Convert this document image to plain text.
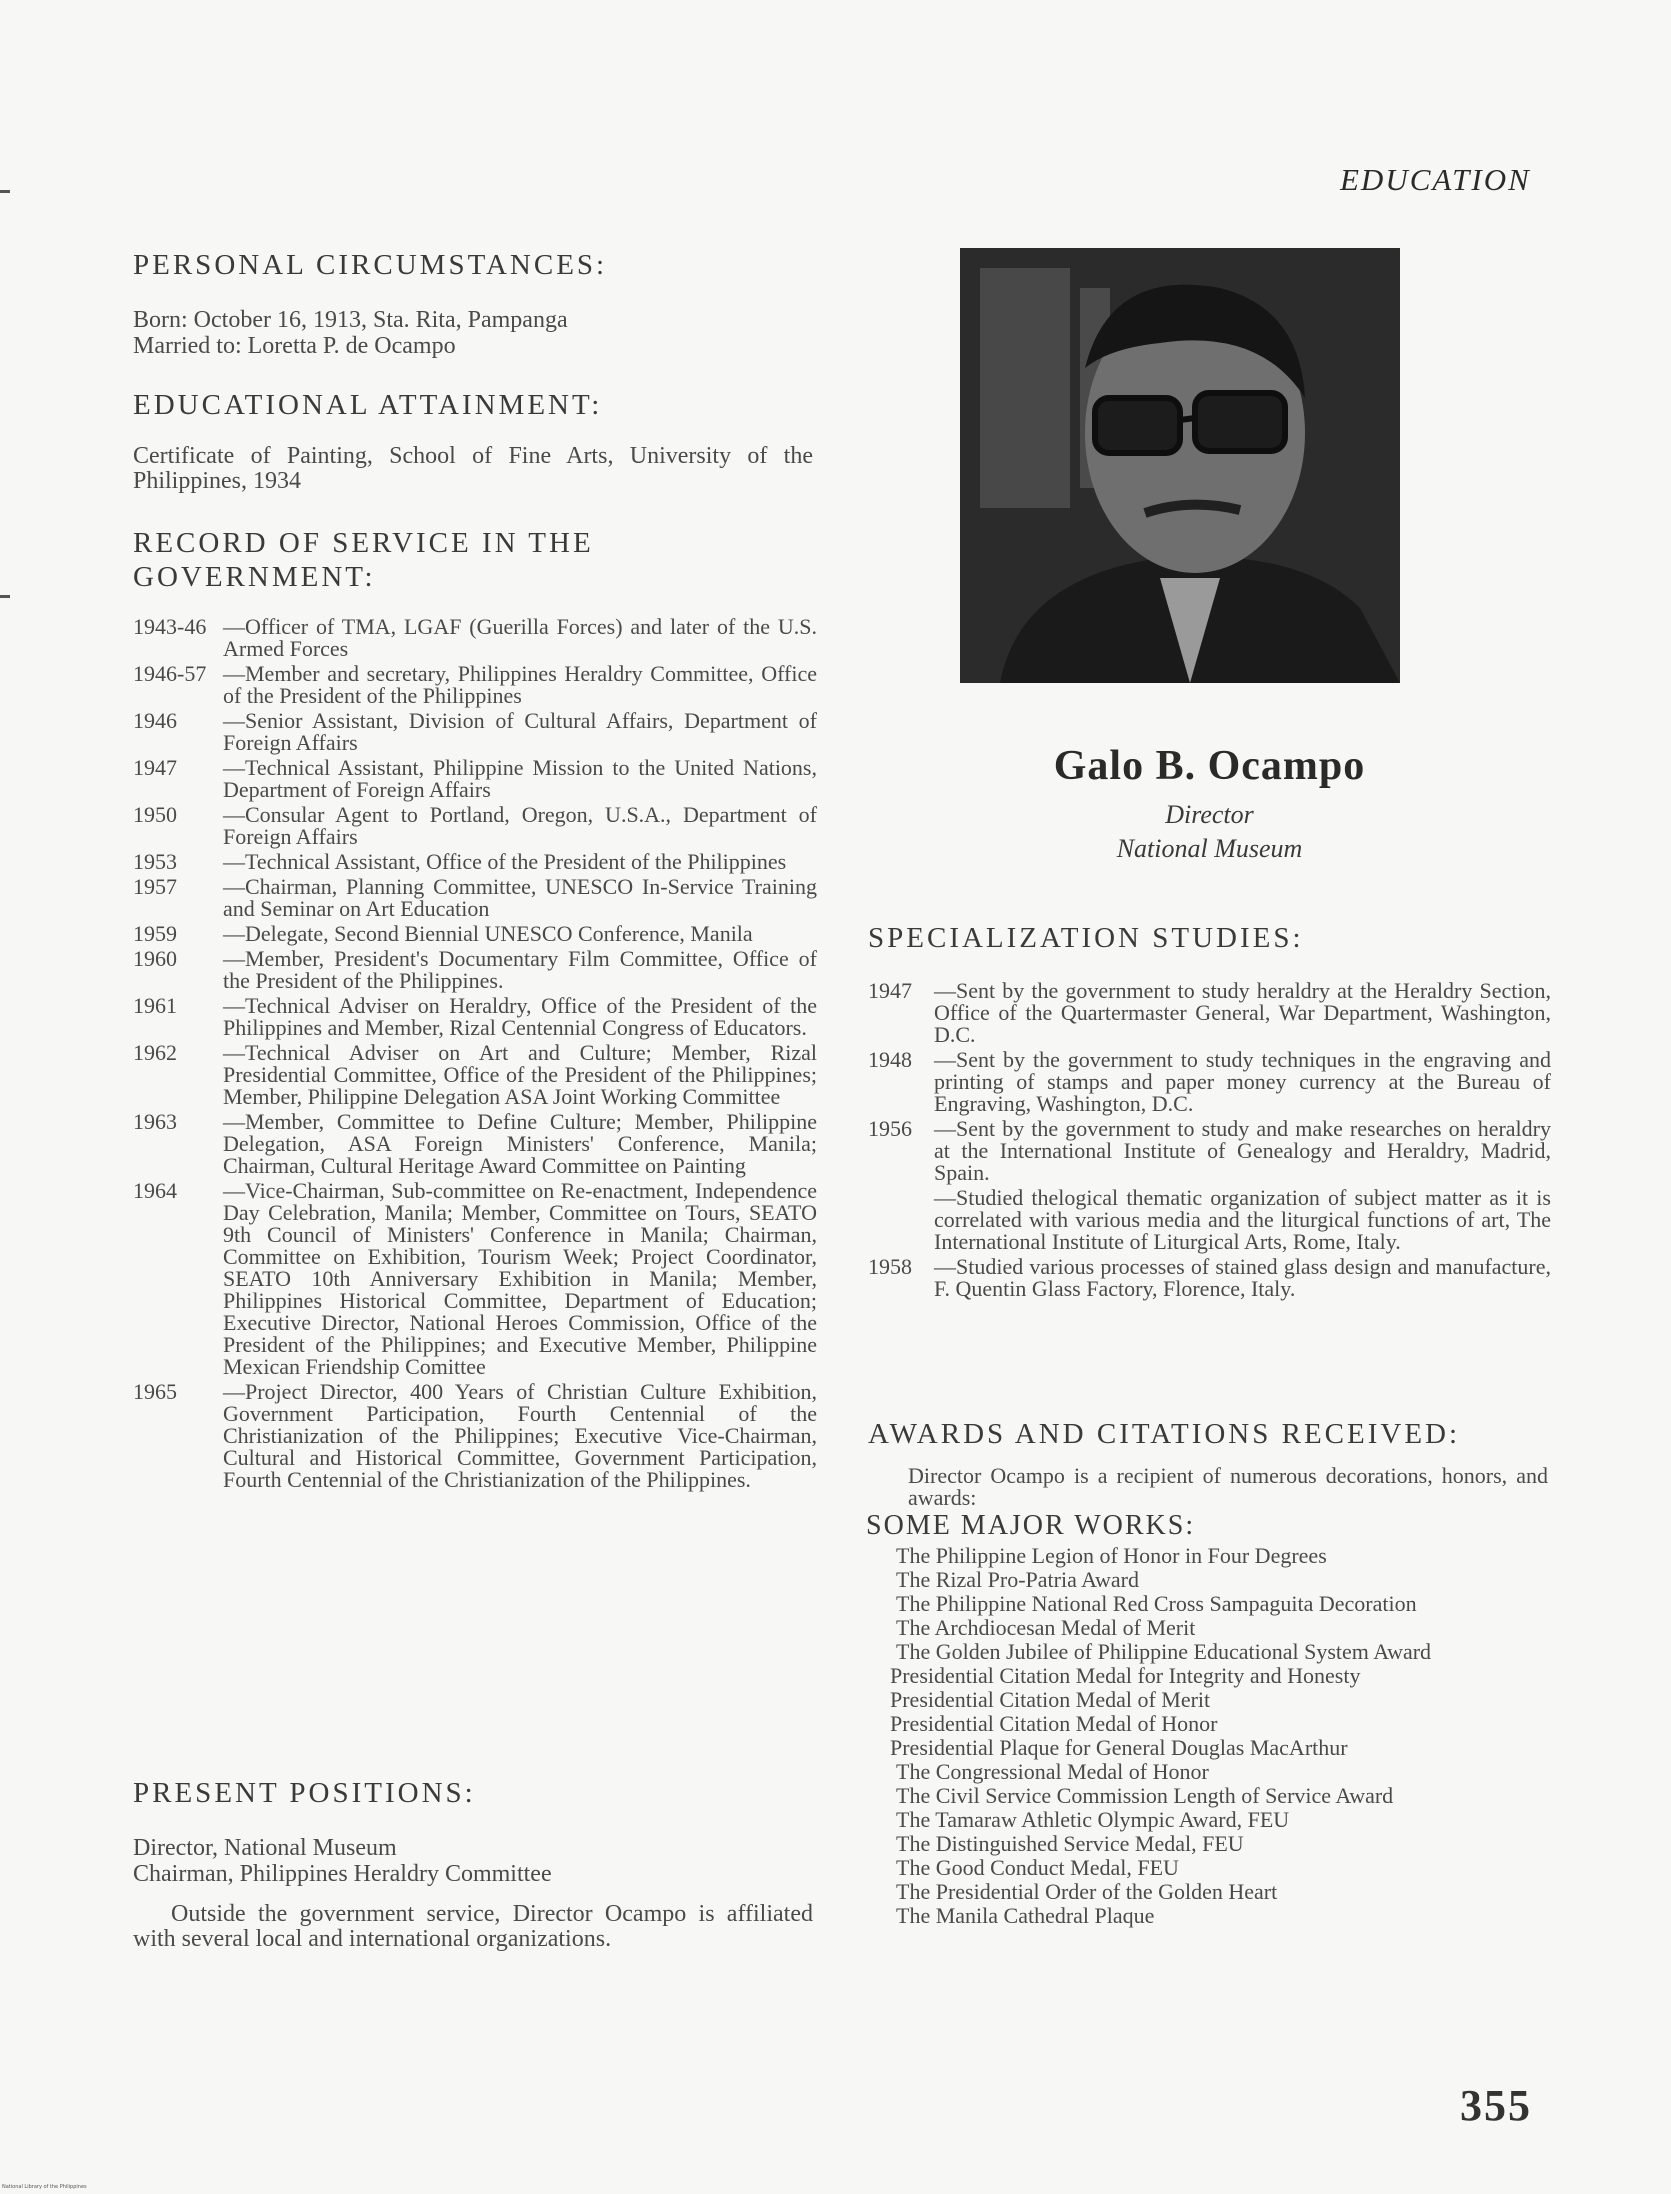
EDUCATION
PERSONAL CIRCUMSTANCES:
Born: October 16, 1913, Sta. Rita, Pampanga
Married to: Loretta P. de Ocampo
EDUCATIONAL ATTAINMENT:
Certificate of Painting, School of Fine Arts, University of the Philippines, 1934
RECORD OF SERVICE IN THE
GOVERNMENT:
1943-46 —Officer of TMA, LGAF (Guerilla Forces) and later of the U.S. Armed Forces
1946-57 —Member and secretary, Philippines Heraldry Committee, Office of the President of the Philippines
1946	—Senior Assistant, Division of Cultural Affairs, Department of Foreign Affairs
1947	—Technical Assistant, Philippine Mission to the United Nations, Department of Foreign Affairs
1950	—Consular Agent to Portland, Oregon, U.S.A., Department of Foreign Affairs
1953	—Technical Assistant, Office of the President of the Philippines
1957	—Chairman, Planning Committee, UNESCO In-Service Training and Seminar on Art Education
1959	—Delegate, Second Biennial UNESCO Conference, Manila
1960	—Member, President's Documentary Film Committee, Office of the President of the Philippines.
1961	—Technical Adviser on Heraldry, Office of the President of the Philippines and Member, Rizal Centennial Congress of Educators.
1962	—Technical Adviser on Art and Culture; Member, Rizal Presidential Committee, Office of the President of the Philippines; Member, Philippine Delegation ASA Joint Working Committee
1963	—Member, Committee to Define Culture; Member, Philippine Delegation, ASA Foreign Ministers' Conference, Manila; Chairman, Cultural Heritage Award Committee on Painting
1964	—Vice-Chairman, Sub-committee on Re-enactment, Independence Day Celebration, Manila; Member, Committee on Tours, SEATO 9th Council of Ministers' Conference in Manila; Chairman, Committee on Exhibition, Tourism Week; Project Coordinator, SEATO 10th Anniversary Exhibition in Manila; Member, Philippines Historical Committee, Department of Education; Executive Director, National Heroes Commission, Office of the President of the Philippines; and Executive Member, Philippine Mexican Friendship Comittee
1965	—Project Director, 400 Years of Christian Culture Exhibition, Government Participation, Fourth Centennial of the Christianization of the Philippines; Executive Vice-Chairman, Cultural and Historical Committee, Government Participation, Fourth Centennial of the Christianization of the Philippines.
PRESENT POSITIONS:
Director, National Museum
Chairman, Philippines Heraldry Committee
Outside the government service, Director Ocampo is affiliated with several local and international organizations.
Galo B. Ocampo
Director
National Museum
SPECIALIZATION STUDIES:
1947	—Sent by the government to study heraldry at the Heraldry Section, Office of the Quartermaster General, War Department, Washington, D.C.
1948	—Sent by the government to study techniques in the engraving and printing of stamps and paper money currency at the Bureau of Engraving, Washington, D.C.
1956	—Sent by the government to study and make researches on heraldry at the International Institute of Genealogy and Heraldry, Madrid, Spain.
—Studied thelogical thematic organization of subject matter as it is correlated with various media and the liturgical functions of art, The International Institute of Liturgical Arts, Rome, Italy.
1958	—Studied various processes of stained glass design and manufacture, F. Quentin Glass Factory, Florence, Italy.
AWARDS AND CITATIONS RECEIVED:
Director Ocampo is a recipient of numerous decorations, honors, and awards:
SOME MAJOR WORKS:
The Philippine Legion of Honor in Four Degrees
The Rizal Pro-Patria Award
The Philippine National Red Cross Sampaguita Decoration
The Archdiocesan Medal of Merit
The Golden Jubilee of Philippine Educational System Award
Presidential Citation Medal for Integrity and Honesty
Presidential Citation Medal of Merit
Presidential Citation Medal of Honor
Presidential Plaque for General Douglas MacArthur
The Congressional Medal of Honor
The Civil Service Commission Length of Service Award
The Tamaraw Athletic Olympic Award, FEU
The Distinguished Service Medal, FEU
The Good Conduct Medal, FEU
The Presidential Order of the Golden Heart
The Manila Cathedral Plaque
355
National Library of the Philippines
